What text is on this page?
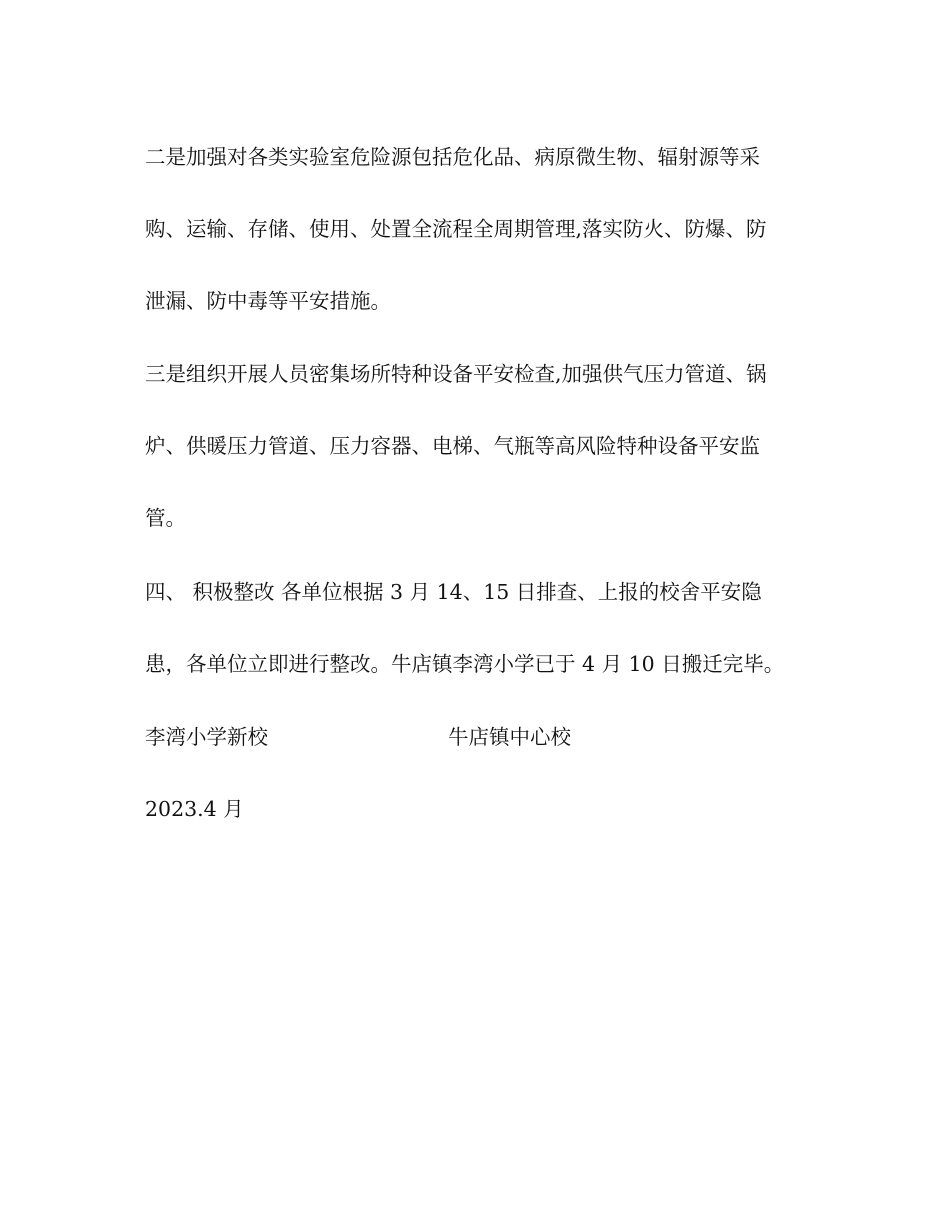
二是加强对各类实验室危险源包括危化品、病原微生物、辐射源等采

购、运输、存储、使用、处置全流程全周期管理,落实防火、防爆、防

泄漏、防中毒等平安措施。

三是组织开展人员密集场所特种设备平安检查,加强供气压力管道、锅

炉、供暖压力管道、压力容器、电梯、气瓶等高风险特种设备平安监

管。

四、 积极整改 各单位根据 3 月 14、15 日排查、上报的校舍平安隐

患，各单位立即进行整改。牛店镇李湾小学已于 4 月 10 日搬迁完毕。

李湾小学新校	牛店镇中心校

2023.4 月
